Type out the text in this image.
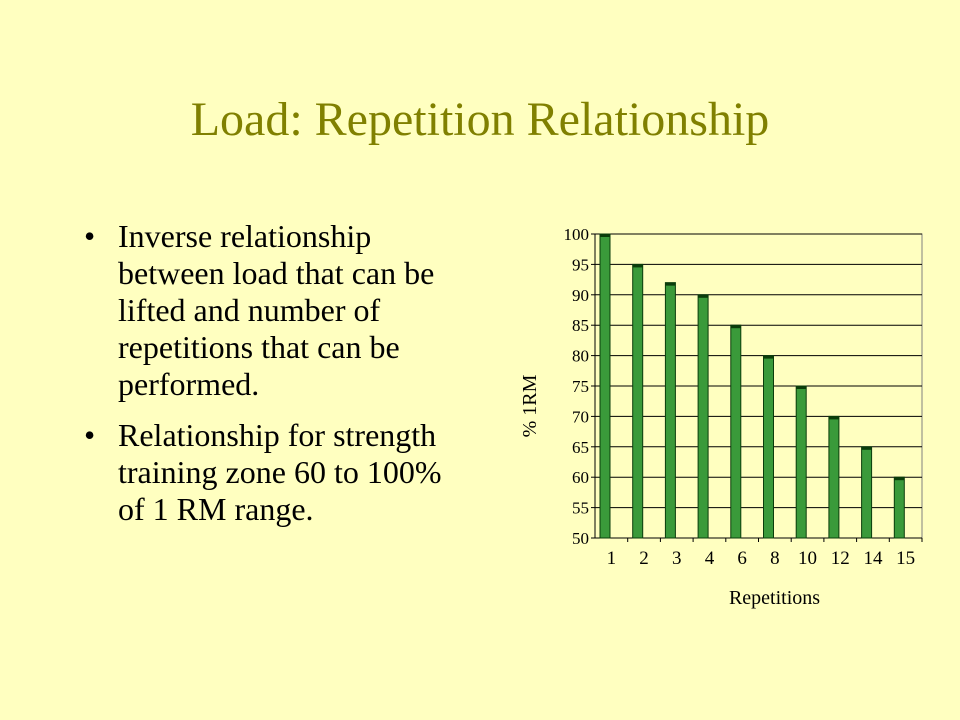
Load: Repetition Relationship
• Inverse relationship between load that can be lifted and number of repetitions that can be performed.
• Relationship for strength training zone 60 to 100% of 1 RM range.
50
55
60
65
70
75
80
85
90
95
100
1 2 3 4 6 8 10 12 14 15
Repetitions
% 1RM
